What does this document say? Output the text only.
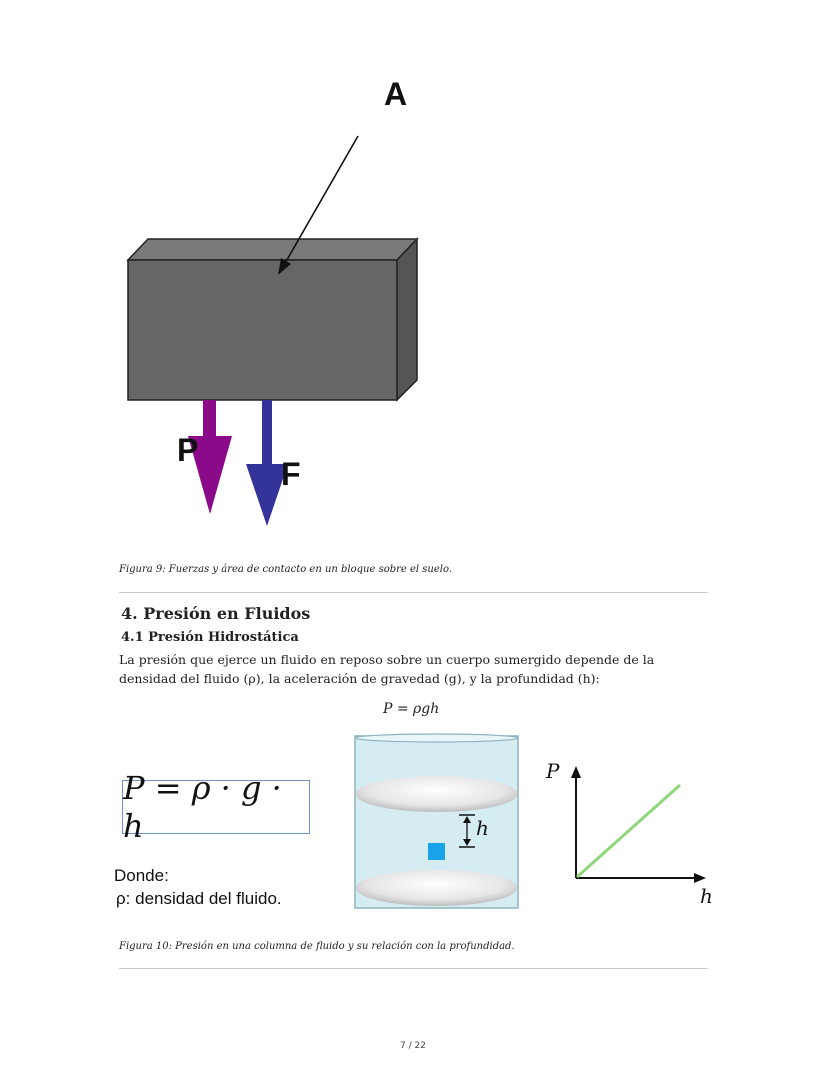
A
P
F
Figura 9: Fuerzas y área de contacto en un bloque sobre el suelo.
4. Presión en Fluidos
4.1 Presión Hidrostática
La presión que ejerce un fluido en reposo sobre un cuerpo sumergido depende de la densidad del fluido (ρ), la aceleración de gravedad (g), y la profundidad (h):
P = ρgh
P = ρ · g · h
Donde:
ρ: densidad del fluido.
h
P
h
Figura 10: Presión en una columna de fluido y su relación con la profundidad.
7 / 22
